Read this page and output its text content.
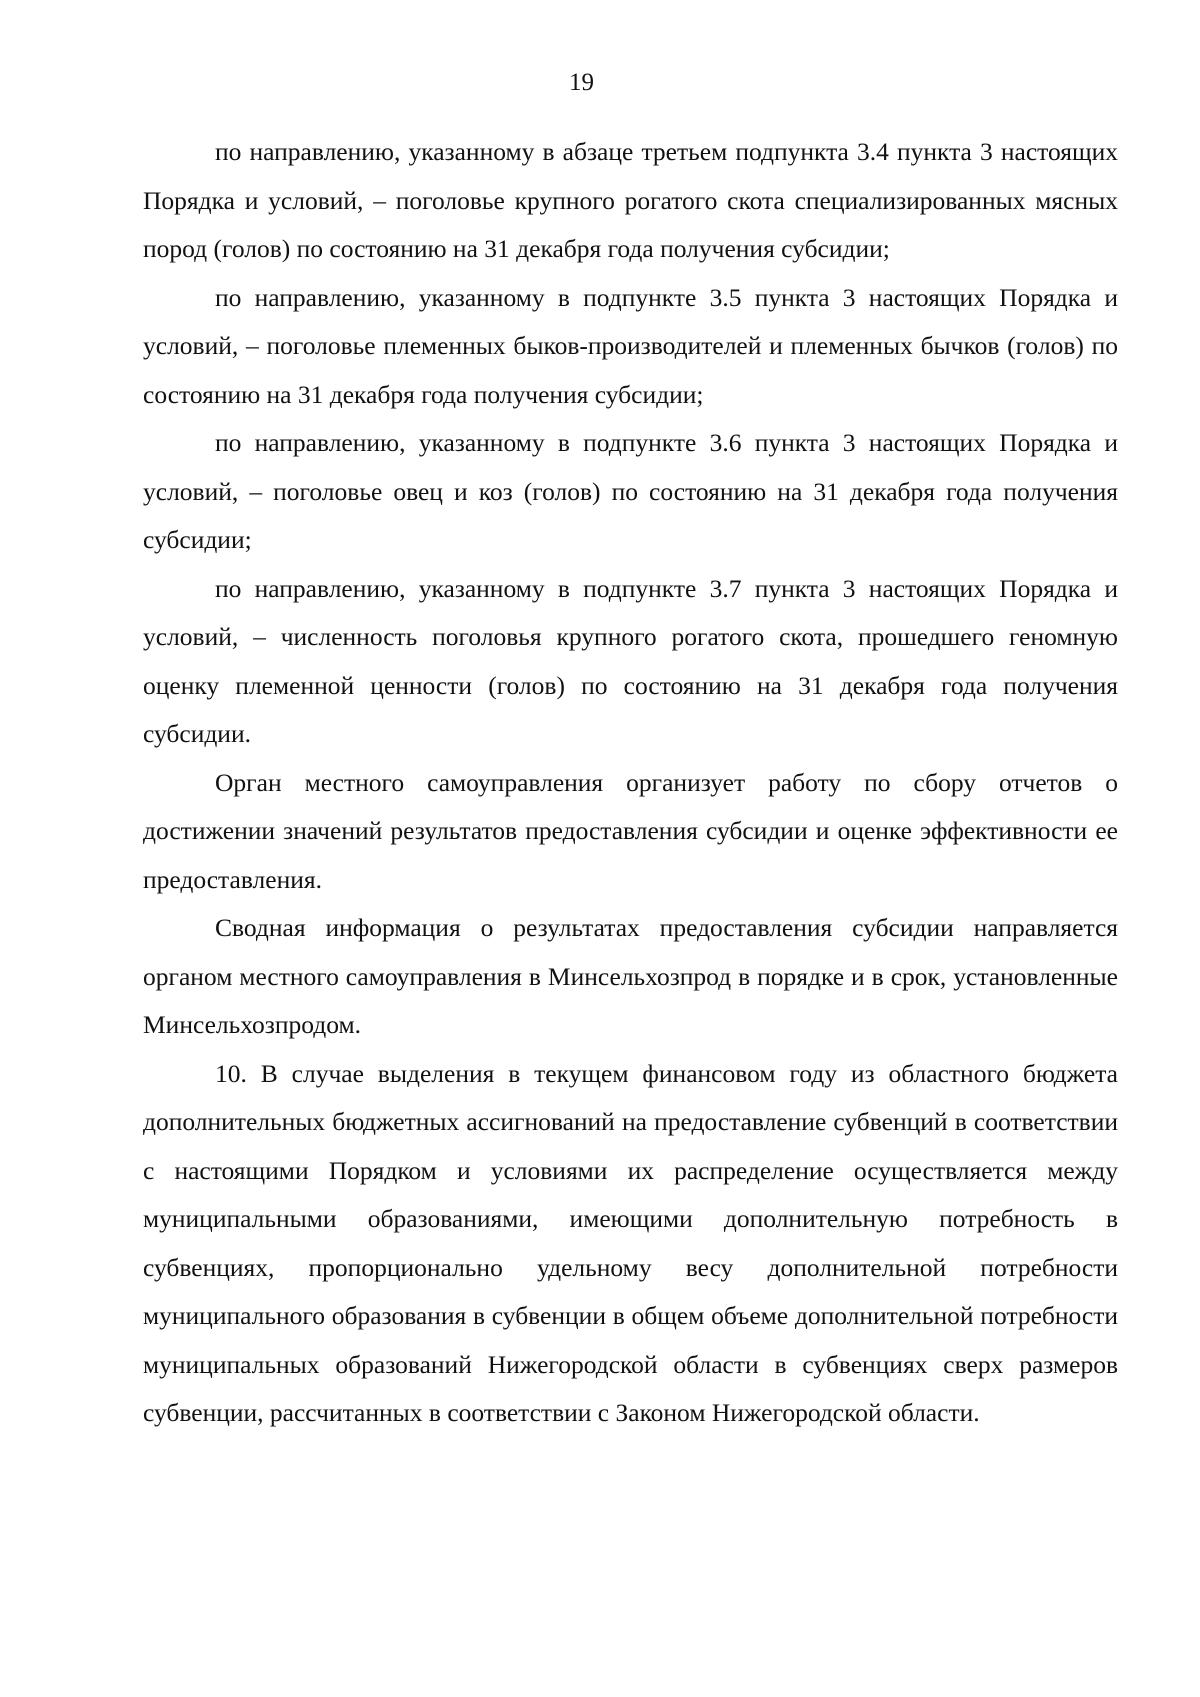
19

по направлению, указанному в абзаце третьем подпункта 3.4 пункта 3 настоящих Порядка и условий, – поголовье крупного рогатого скота специализированных мясных пород (голов) по состоянию на 31 декабря года получения субсидии;

по направлению, указанному в подпункте 3.5 пункта 3 настоящих Порядка и условий, – поголовье племенных быков-производителей и племенных бычков (голов) по состоянию на 31 декабря года получения субсидии;

по направлению, указанному в подпункте 3.6 пункта 3 настоящих Порядка и условий, – поголовье овец и коз (голов) по состоянию на 31 декабря года получения субсидии;

по направлению, указанному в подпункте 3.7 пункта 3 настоящих Порядка и условий, – численность поголовья крупного рогатого скота, прошедшего геномную оценку племенной ценности (голов) по состоянию на 31 декабря года получения субсидии.

Орган местного самоуправления организует работу по сбору отчетов о достижении значений результатов предоставления субсидии и оценке эффективности ее предоставления.

Сводная информация о результатах предоставления субсидии направляется органом местного самоуправления в Минсельхозпрод в порядке и в срок, установленные Минсельхозпродом.

10. В случае выделения в текущем финансовом году из областного бюджета дополнительных бюджетных ассигнований на предоставление субвенций в соответствии с настоящими Порядком и условиями их распределение осуществляется между муниципальными образованиями, имеющими дополнительную потребность в субвенциях, пропорционально удельному весу дополнительной потребности муниципального образования в субвенции в общем объеме дополнительной потребности муниципальных образований Нижегородской области в субвенциях сверх размеров субвенции, рассчитанных в соответствии с Законом Нижегородской области.
